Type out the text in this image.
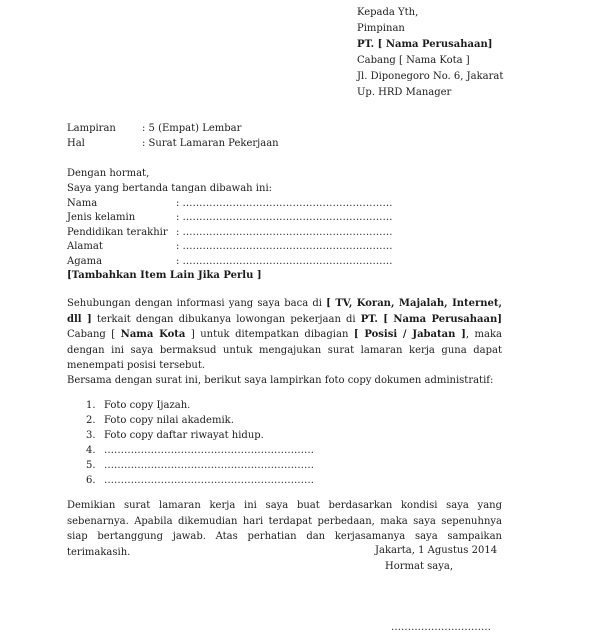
Kepada Yth,
Pimpinan
PT. [ Nama Perusahaan]
Cabang [ Nama Kota ]
Jl. Diponegoro No. 6, Jakarat
Up. HRD Manager
Lampiran	: 5 (Empat) Lembar
Hal	: Surat Lamaran Pekerjaan
Dengan hormat,
Saya yang bertanda tangan dibawah ini:
Nama	: ………………………………………………………
Jenis kelamin	: ………………………………………………………
Pendidikan terakhir : ………………………………………………………
Alamat	: ………………………………………………………
Agama	: ………………………………………………………
[Tambahkan Item Lain Jika Perlu ]
Sehubungan dengan informasi yang saya baca di [ TV, Koran, Majalah, Internet, dll ] terkait dengan dibukanya lowongan pekerjaan di PT. [ Nama Perusahaan] Cabang [ Nama Kota ] untuk ditempatkan dibagian [ Posisi / Jabatan ], maka dengan ini saya bermaksud untuk mengajukan surat lamaran kerja guna dapat menempati posisi tersebut.
Bersama dengan surat ini, berikut saya lampirkan foto copy dokumen administratif:
1. Foto copy Ijazah.
2. Foto copy nilai akademik.
3. Foto copy daftar riwayat hidup.
4. ………………………………………………………
5. ………………………………………………………
6. ………………………………………………………
Demikian surat lamaran kerja ini saya buat berdasarkan kondisi saya yang sebenarnya. Apabila dikemudian hari terdapat perbedaan, maka saya sepenuhnya siap bertanggung jawab. Atas perhatian dan kerjasamanya saya sampaikan terimakasih.	Jakarta, 1 Agustus 2014
Hormat saya,
…………………………
